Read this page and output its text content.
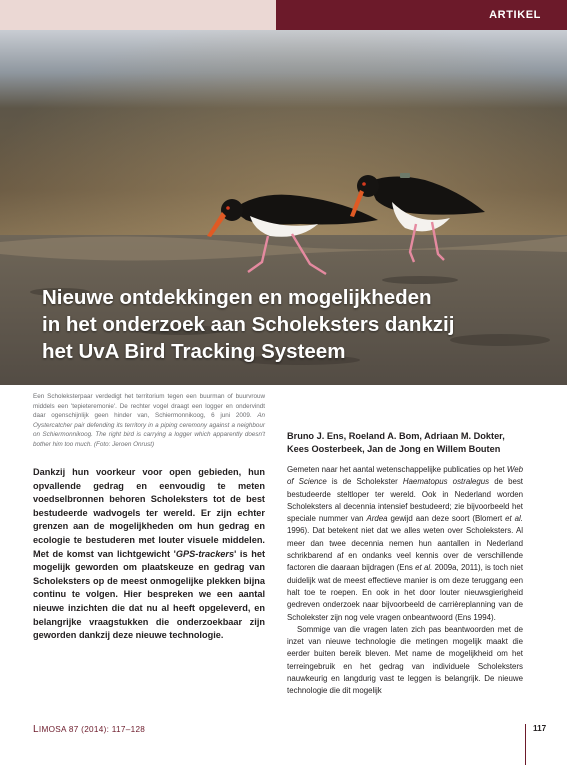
ARTIKEL
Nieuwe ontdekkingen en mogelijkheden
in het onderzoek aan Scholeksters dankzij
het UvA Bird Tracking Systeem
Een Scholeksterpaar verdedigt het territorium tegen een buurman of buurvrouw middels een 'tepieteremonie'. De rechter vogel draagt een logger en ondervindt daar ogenschijnlijk geen hinder van, Schiermonnikoog, 6 juni 2009. An Oystercatcher pair defending its territory in a piping ceremony against a neighbour on Schiermonnikoog. The right bird is carrying a logger which apparently doesn't bother him too much. (Foto: Jeroen Onrust)
Dankzij hun voorkeur voor open gebieden, hun opvallende gedrag en eenvoudig te meten voedselbronnen behoren Scholeksters tot de best bestudeerde wadvogels ter wereld. Er zijn echter grenzen aan de mogelijkheden om hun gedrag en ecologie te bestuderen met louter visuele middelen. Met de komst van lichtgewicht 'GPS-trackers' is het mogelijk geworden om plaatskeuze en gedrag van Scholeksters op de meest onmogelijke plekken bijna continu te volgen. Hier bespreken we een aantal nieuwe inzichten die dat nu al heeft opgeleverd, en belangrijke vraagstukken die onderzoekbaar zijn geworden dankzij deze nieuwe technologie.
Bruno J. Ens, Roeland A. Bom, Adriaan M. Dokter, Kees Oosterbeek, Jan de Jong en Willem Bouten

Gemeten naar het aantal wetenschappelijke publicaties op het Web of Science is de Scholekster Haematopus ostralegus de best bestudeerde steltloper ter wereld. Ook in Nederland worden Scholeksters al decennia intensief bestudeerd; zie bijvoorbeeld het speciale nummer van Ardea gewijd aan deze soort (Blomert et al. 1996). Dat betekent niet dat we alles weten over Scholeksters. Al meer dan twee decennia nemen hun aantallen in Nederland schrikbarend af en ondanks veel kennis over de verschillende factoren die daaraan bijdragen (Ens et al. 2009a, 2011), is toch niet duidelijk wat de meest effectieve manier is om deze teruggang een halt toe te roepen. En ook in het door louter nieuwsgierigheid gedreven onderzoek naar bijvoorbeeld de carrièreplanning van de Scholekster zijn nog vele vragen onbeantwoord (Ens 1994).

Sommige van die vragen laten zich pas beantwoorden met de inzet van nieuwe technologie die metingen mogelijk maakt die eerder buiten bereik bleven. Met name de mogelijkheid om het terreingebruik en het gedrag van individuele Scholeksters nauwkeurig en langdurig vast te leggen is belangrijk. De nieuwe technologie die dit mogelijk

LIMOSA 87 (2014): 117–128	117
